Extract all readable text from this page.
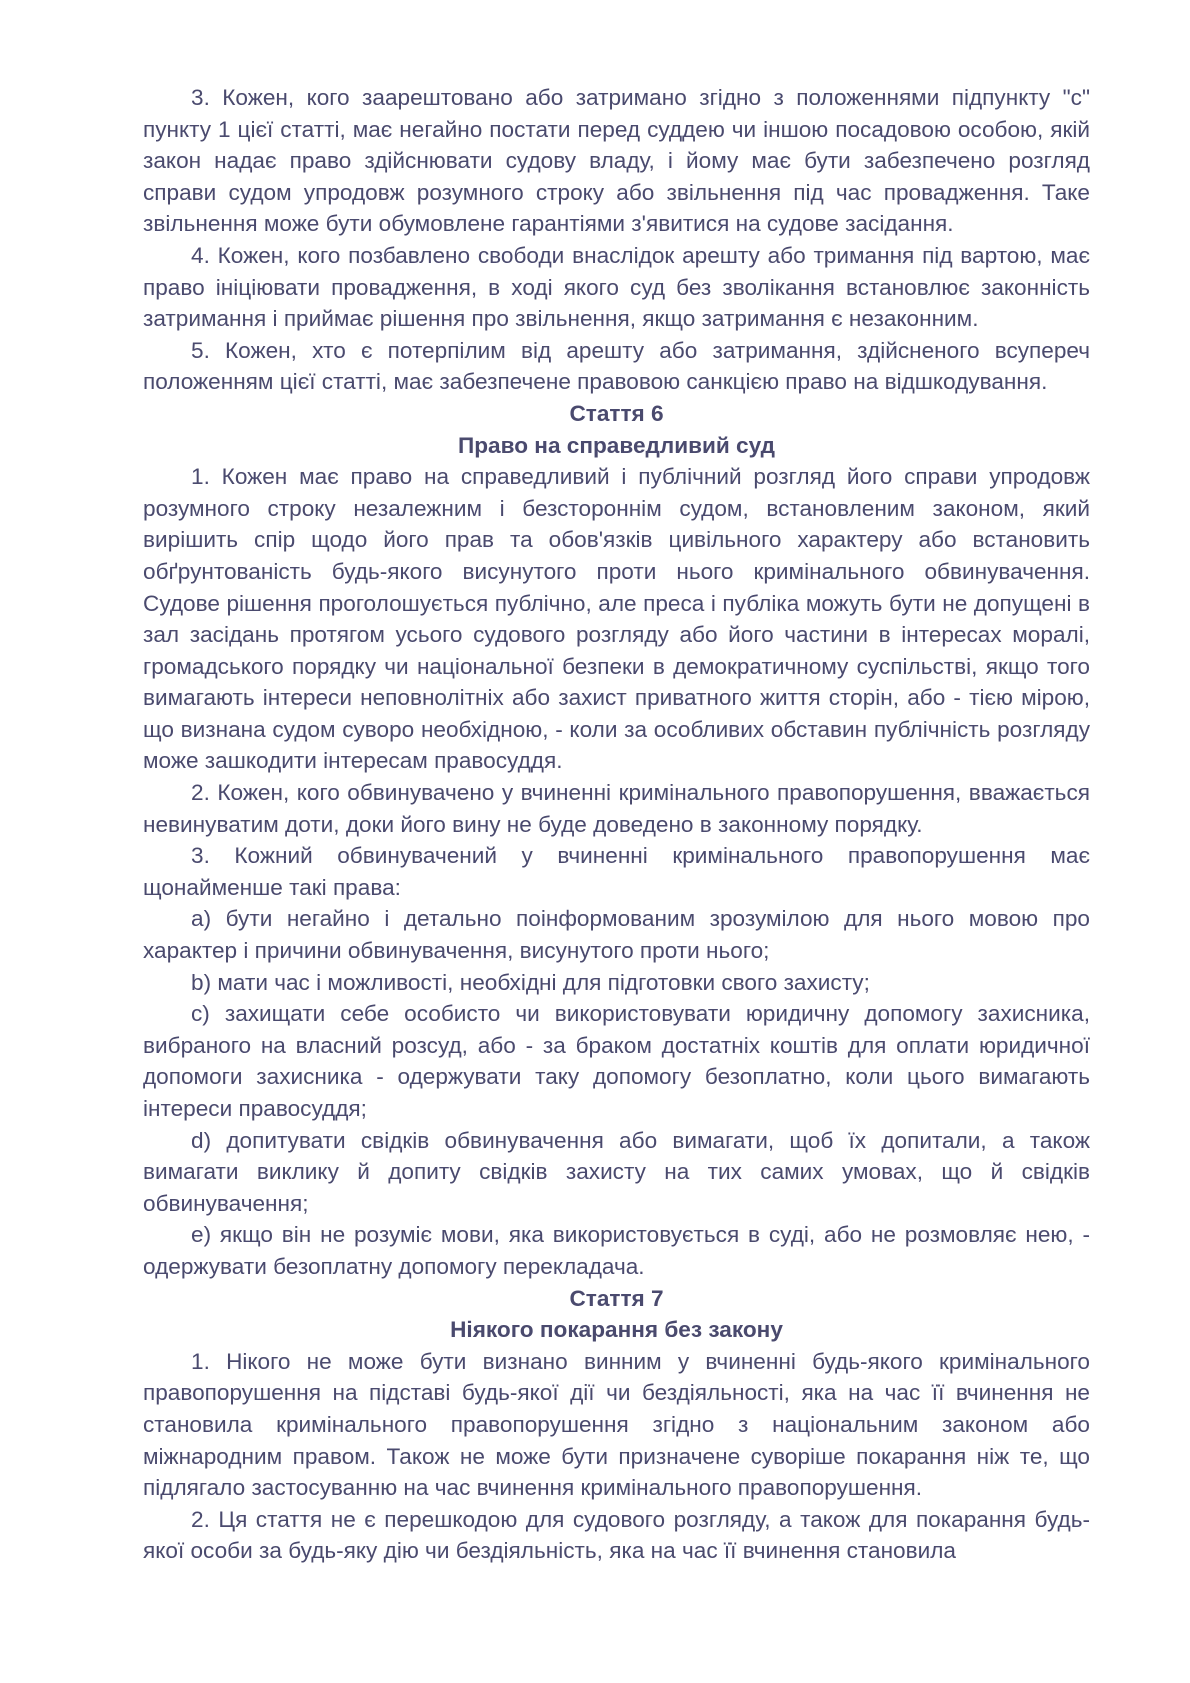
3. Кожен, кого заарештовано або затримано згідно з положеннями підпункту "с" пункту 1 цієї статті, має негайно постати перед суддею чи іншою посадовою особою, якій закон надає право здійснювати судову владу, і йому має бути забезпечено розгляд справи судом упродовж розумного строку або звільнення під час провадження. Таке звільнення може бути обумовлене гарантіями з'явитися на судове засідання.

4. Кожен, кого позбавлено свободи внаслідок арешту або тримання під вартою, має право ініціювати провадження, в ході якого суд без зволікання встановлює законність затримання і приймає рішення про звільнення, якщо затримання є незаконним.

5. Кожен, хто є потерпілим від арешту або затримання, здійсненого всупереч положенням цієї статті, має забезпечене правовою санкцією право на відшкодування.

Стаття 6

Право на справедливий суд

1. Кожен має право на справедливий і публічний розгляд його справи упродовж розумного строку незалежним і безстороннім судом, встановленим законом, який вирішить спір щодо його прав та обов'язків цивільного характеру або встановить обґрунтованість будь-якого висунутого проти нього кримінального обвинувачення. Судове рішення проголошується публічно, але преса і публіка можуть бути не допущені в зал засідань протягом усього судового розгляду або його частини в інтересах моралі, громадського порядку чи національної безпеки в демократичному суспільстві, якщо того вимагають інтереси неповнолітніх або захист приватного життя сторін, або - тією мірою, що визнана судом суворо необхідною, - коли за особливих обставин публічність розгляду може зашкодити інтересам правосуддя.

2. Кожен, кого обвинувачено у вчиненні кримінального правопорушення, вважається невинуватим доти, доки його вину не буде доведено в законному порядку.

3. Кожний обвинувачений у вчиненні кримінального правопорушення має щонайменше такі права:

a) бути негайно і детально поінформованим зрозумілою для нього мовою про характер і причини обвинувачення, висунутого проти нього;

b) мати час і можливості, необхідні для підготовки свого захисту;

c) захищати себе особисто чи використовувати юридичну допомогу захисника, вибраного на власний розсуд, або - за браком достатніх коштів для оплати юридичної допомоги захисника - одержувати таку допомогу безоплатно, коли цього вимагають інтереси правосуддя;

d) допитувати свідків обвинувачення або вимагати, щоб їх допитали, а також вимагати виклику й допиту свідків захисту на тих самих умовах, що й свідків обвинувачення;

e) якщо він не розуміє мови, яка використовується в суді, або не розмовляє нею, - одержувати безоплатну допомогу перекладача.

Стаття 7

Ніякого покарання без закону

1. Нікого не може бути визнано винним у вчиненні будь-якого кримінального правопорушення на підставі будь-якої дії чи бездіяльності, яка на час її вчинення не становила кримінального правопорушення згідно з національним законом або міжнародним правом. Також не може бути призначене суворіше покарання ніж те, що підлягало застосуванню на час вчинення кримінального правопорушення.

2. Ця стаття не є перешкодою для судового розгляду, а також для покарання будь-якої особи за будь-яку дію чи бездіяльність, яка на час її вчинення становила
